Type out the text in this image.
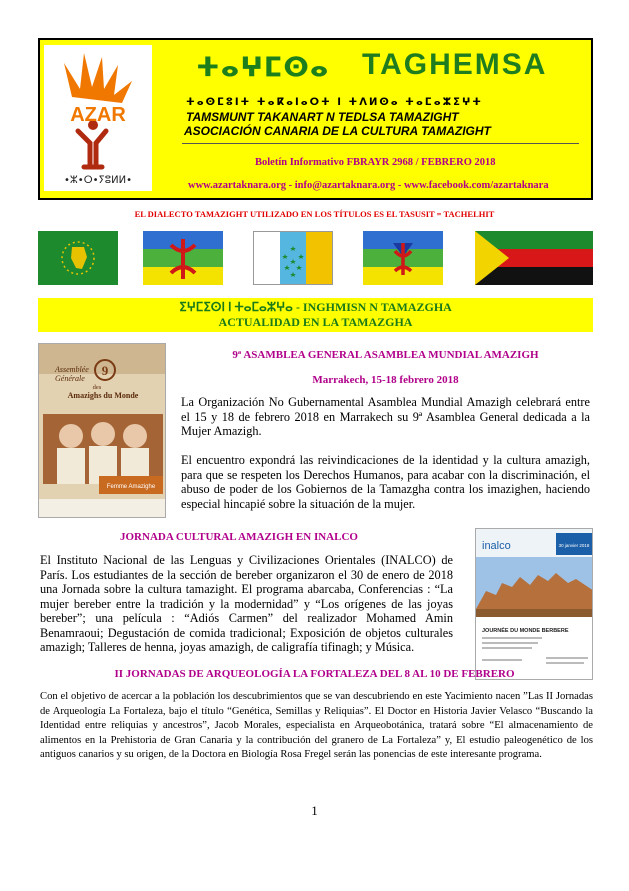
AZAR
•ⵣ•ⵔ•ⵢⵓⵍⵍ•
ⵜⴰⵖⵎⵙⴰ TAGHEMSA
ⵜⴰⵙⵎⵓⵏⵜ ⵜⴰⴽⴰⵏⴰⵔⵜ ⵏ ⵜⴷⵍⵙⴰ ⵜⴰⵎⴰⵣⵉⵖⵜ
TAMSMUNT TAKANART N TEDLSA TAMAZIGHT
ASOCIACIÓN CANARIA DE LA CULTURA TAMAZIGHT
Boletín Informativo FBRAYR 2968 / FEBRERO 2018
www.azartaknara.org - info@azartaknara.org - www.facebook.com/azartaknara
EL DIALECTO TAMAZIGHT UTILIZADO EN LOS TÍTULOS ES EL TASUSIT = TACHELHIT
ⵉⵖⵎⵉⵙⵏ ⵏ ⵜⴰⵎⴰⵣⵖⴰ - INGHMISN N TAMAZGHA
ACTUALIDAD EN LA TAMAZGHA
9
Assemblée
Générale
des
Amazighs du Monde
Femme Amazighe
9ª ASAMBLEA GENERAL ASAMBLEA MUNDIAL AMAZIGH
Marrakech, 15-18 febrero 2018
La Organización No Gubernamental Asamblea Mundial Amazigh celebrará entre el 15 y 18 de febrero 2018 en Marrakech su 9ª Asamblea General dedicada a la Mujer Amazigh.
El encuentro expondrá las reivindicaciones de la identidad y la cultura amazigh, para que se respeten los Derechos Humanos, para acabar con la discriminación, el abuso de poder de los Gobiernos de la Tamazgha contra los imazighen, haciendo especial hincapié sobre la situación de la mujer.
JORNADA CULTURAL AMAZIGH EN INALCO
El Instituto Nacional de las Lenguas y Civilizaciones Orientales (INALCO) de París. Los estudiantes de la sección de bereber organizaron el 30 de enero de 2018 una Jornada sobre la cultura tamazight. El programa abarcaba, Conferencias : “La mujer bereber entre la tradición y la modernidad” y “Los orígenes de las joyas bereber”; una película : “Adiós Carmen” del realizador Mohamed Amin Benamraoui; Degustación de comida tradicional; Exposición de objetos culturales amazigh; Talleres de henna, joyas amazigh, de caligrafía tifinagh; y Música.
inalco	30 janvier 2018
JOURNÉE DU MONDE BERBERE
II JORNADAS DE ARQUEOLOGÍA LA FORTALEZA DEL 8 AL 10 DE FEBRERO
Con el objetivo de acercar a la población los descubrimientos que se van descubriendo en este Yacimiento nacen ”Las II Jornadas de Arqueología La Fortaleza, bajo el título “Genética, Semillas y Reliquias”. El Doctor en Historia Javier Velasco “Buscando la Identidad entre reliquias y ancestros”, Jacob Morales, especialista en Arqueobotánica, tratará sobre “El almacenamiento de alimentos en la Prehistoria de Gran Canaria y la contribución del granero de La Fortaleza” y, El estudio paleogenético de los antiguos canarios y su origen, de la Doctora en Biología Rosa Fregel serán las ponencias de este interesante programa.
1
